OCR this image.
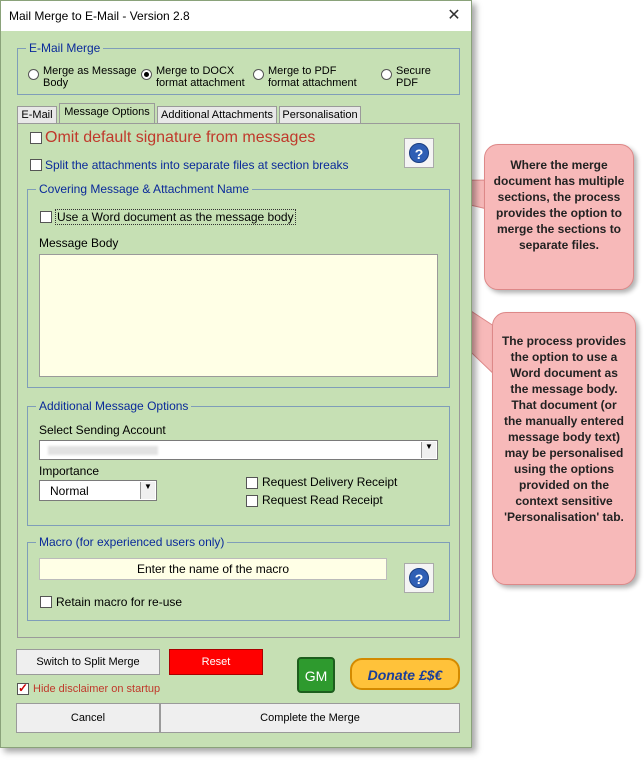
Mail Merge to E-Mail - Version 2.8	✕
E-Mail Merge
Merge as Message
Body
Merge to DOCX
format attachment
Merge to PDF
format attachment
Secure
PDF
E-Mail	Message Options	Additional Attachments Personalisation
Omit default signature from messages
Split the attachments into separate files at section breaks
?
Covering Message & Attachment Name
Use a Word document as the message body
Message Body
Additional Message Options
Select Sending Account
▼
Importance
Normal	▼	Request Delivery Receipt
Request Read Receipt
Macro (for experienced users only)
Enter the name of the macro
?
Retain macro for re-use
Switch to Split Merge	Reset
GM	Donate £$€
✓
Hide disclaimer on startup
Cancel	Complete the Merge
Where the merge document has multiple sections, the process provides the option to merge the sections to separate files.
The process provides the option to use a Word document as the message body. That document (or the manually entered message body text) may be personalised using the options provided on the context sensitive 'Personalisation' tab.
